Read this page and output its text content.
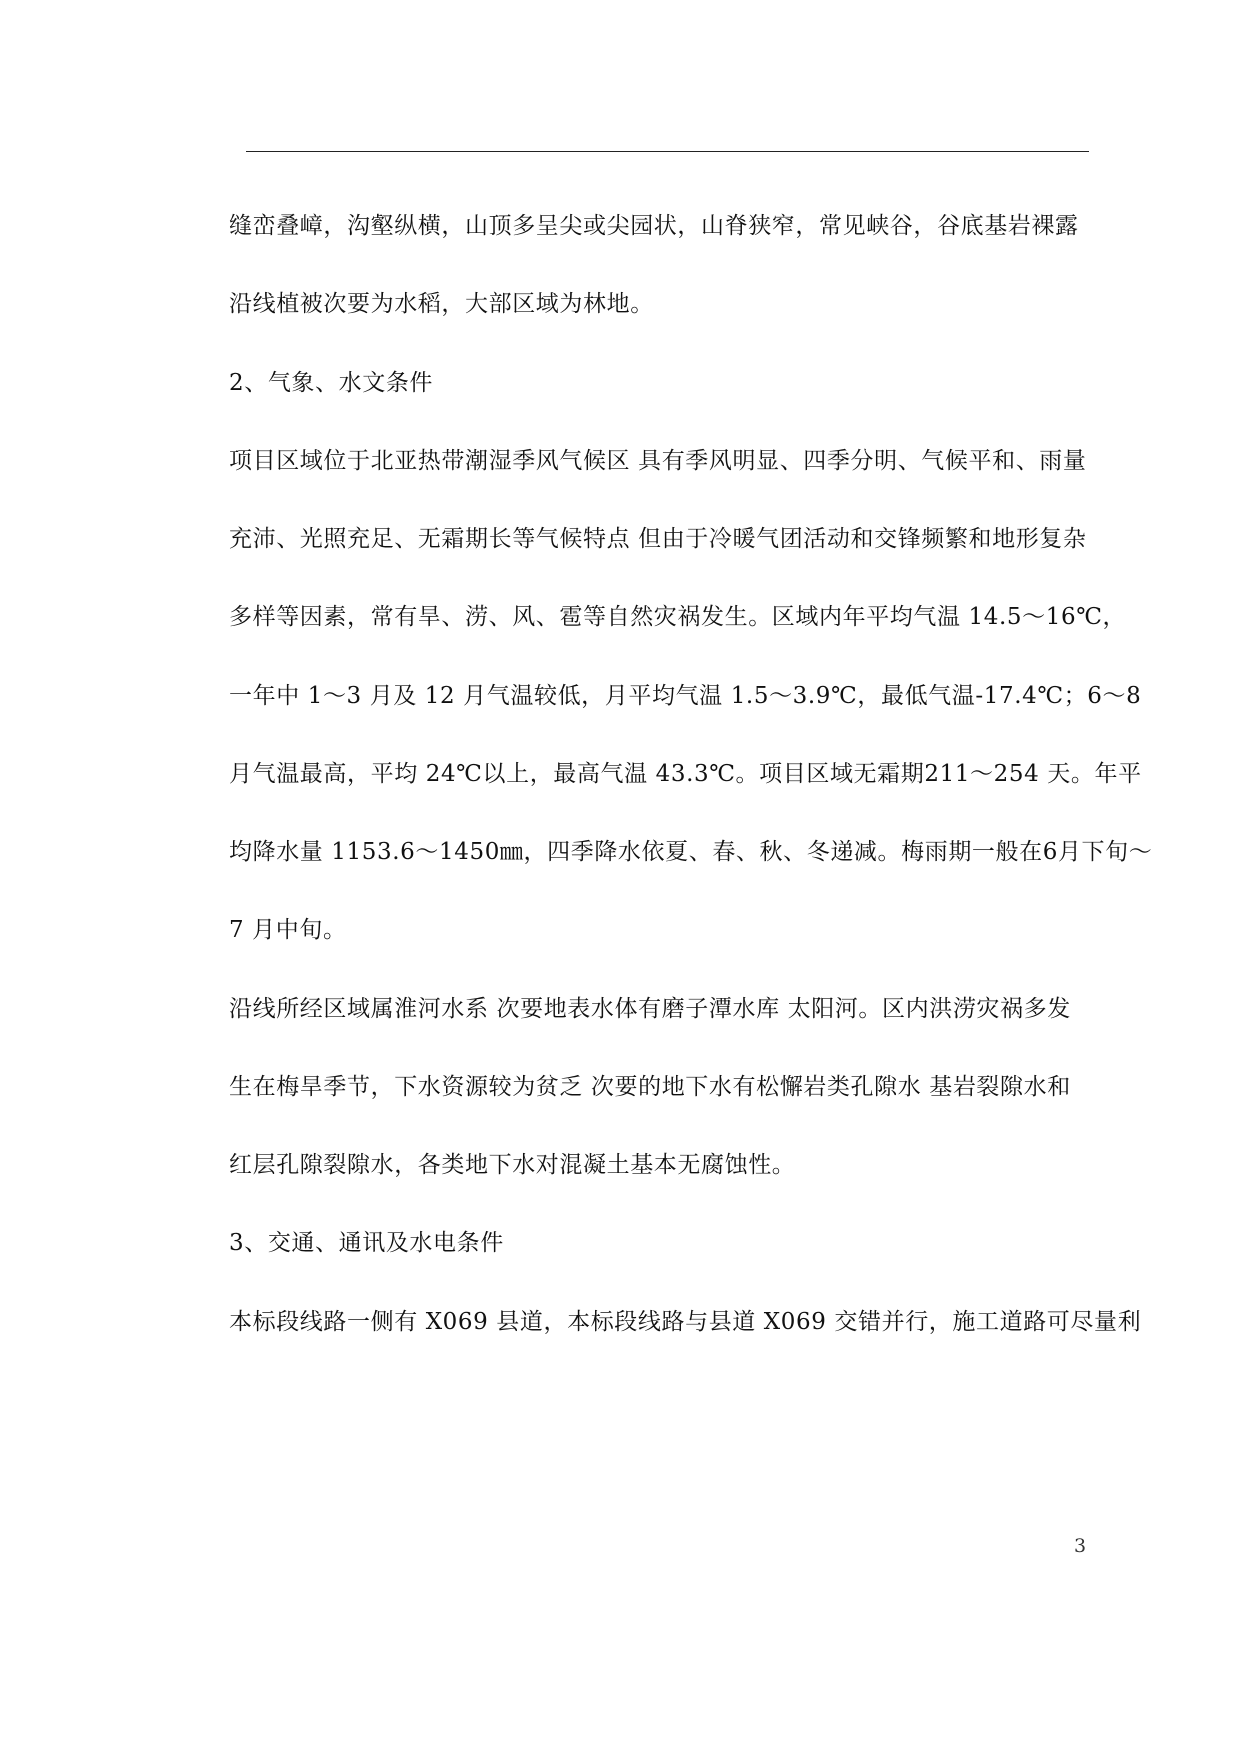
缝峦叠嶂，沟壑纵横，山顶多呈尖或尖园状，山脊狭窄，常见峡谷，谷底基岩裸露
沿线植被次要为水稻，大部区域为林地。
2、气象、水文条件
项目区域位于北亚热带潮湿季风气候区 具有季风明显、四季分明、气候平和、雨量
充沛、光照充足、无霜期长等气候特点 但由于冷暖气团活动和交锋频繁和地形复杂
多样等因素，常有旱、涝、风、雹等自然灾祸发生。区域内年平均气温 14.5～16℃，
一年中 1～3 月及 12 月气温较低，月平均气温 1.5～3.9℃，最低气温-17.4℃；6～8
月气温最高，平均 24℃以上，最高气温 43.3℃。项目区域无霜期211～254 天。年平
均降水量 1153.6～1450㎜，四季降水依夏、春、秋、冬递减。梅雨期一般在6月下旬～
7 月中旬。
沿线所经区域属淮河水系 次要地表水体有磨子潭水库 太阳河。区内洪涝灾祸多发
生在梅旱季节，下水资源较为贫乏 次要的地下水有松懈岩类孔隙水 基岩裂隙水和
红层孔隙裂隙水，各类地下水对混凝土基本无腐蚀性。
3、交通、通讯及水电条件
本标段线路一侧有 X069 县道，本标段线路与县道 X069 交错并行，施工道路可尽量利
3
